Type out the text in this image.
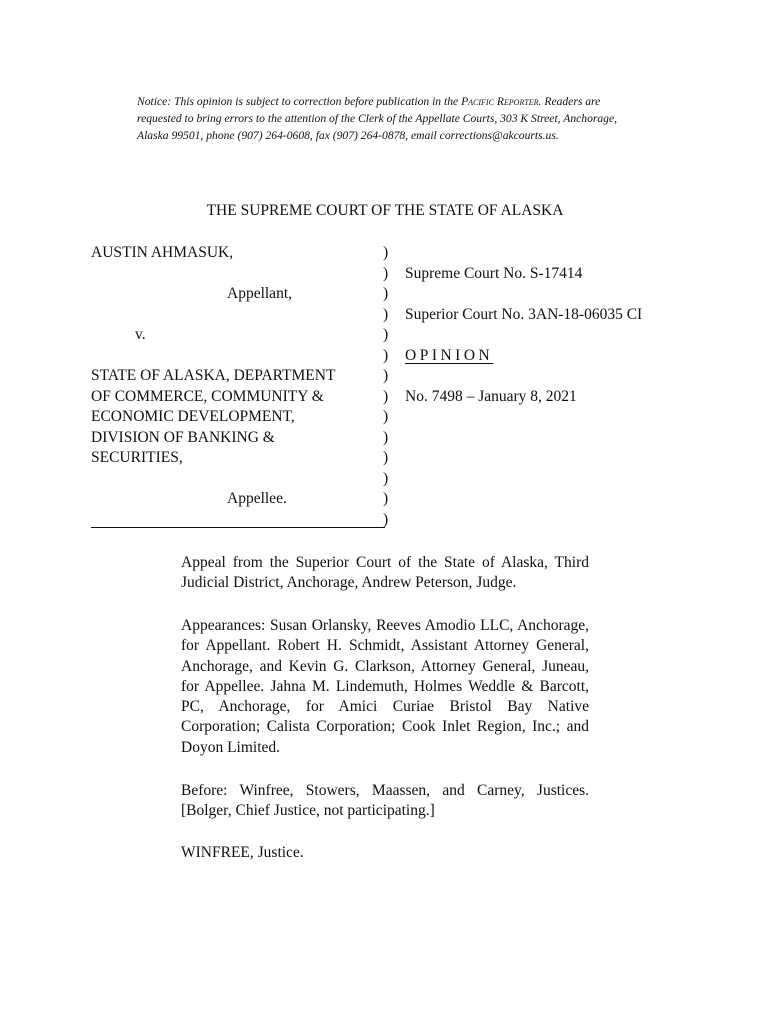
Notice: This opinion is subject to correction before publication in the Pacific Reporter. Readers are requested to bring errors to the attention of the Clerk of the Appellate Courts, 303 K Street, Anchorage, Alaska 99501, phone (907) 264-0608, fax (907) 264-0878, email corrections@akcourts.us.
THE SUPREME COURT OF THE STATE OF ALASKA
AUSTIN AHMASUK,
Appellant,
v.
STATE OF ALASKA, DEPARTMENT
OF COMMERCE, COMMUNITY &
ECONOMIC DEVELOPMENT,
DIVISION OF BANKING &
SECURITIES,
Appellee.
Supreme Court No. S-17414
Superior Court No. 3AN-18-06035 CI
OPINION
No. 7498 – January 8, 2021
)
)
)
)
)
)
)
)
)
)
)
)
)
)
Appeal from the Superior Court of the State of Alaska, Third Judicial District, Anchorage, Andrew Peterson, Judge.
Appearances: Susan Orlansky, Reeves Amodio LLC, Anchorage, for Appellant. Robert H. Schmidt, Assistant Attorney General, Anchorage, and Kevin G. Clarkson, Attorney General, Juneau, for Appellee. Jahna M. Lindemuth, Holmes Weddle & Barcott, PC, Anchorage, for Amici Curiae Bristol Bay Native Corporation; Calista Corporation; Cook Inlet Region, Inc.; and Doyon Limited.
Before: Winfree, Stowers, Maassen, and Carney, Justices. [Bolger, Chief Justice, not participating.]
WINFREE, Justice.
